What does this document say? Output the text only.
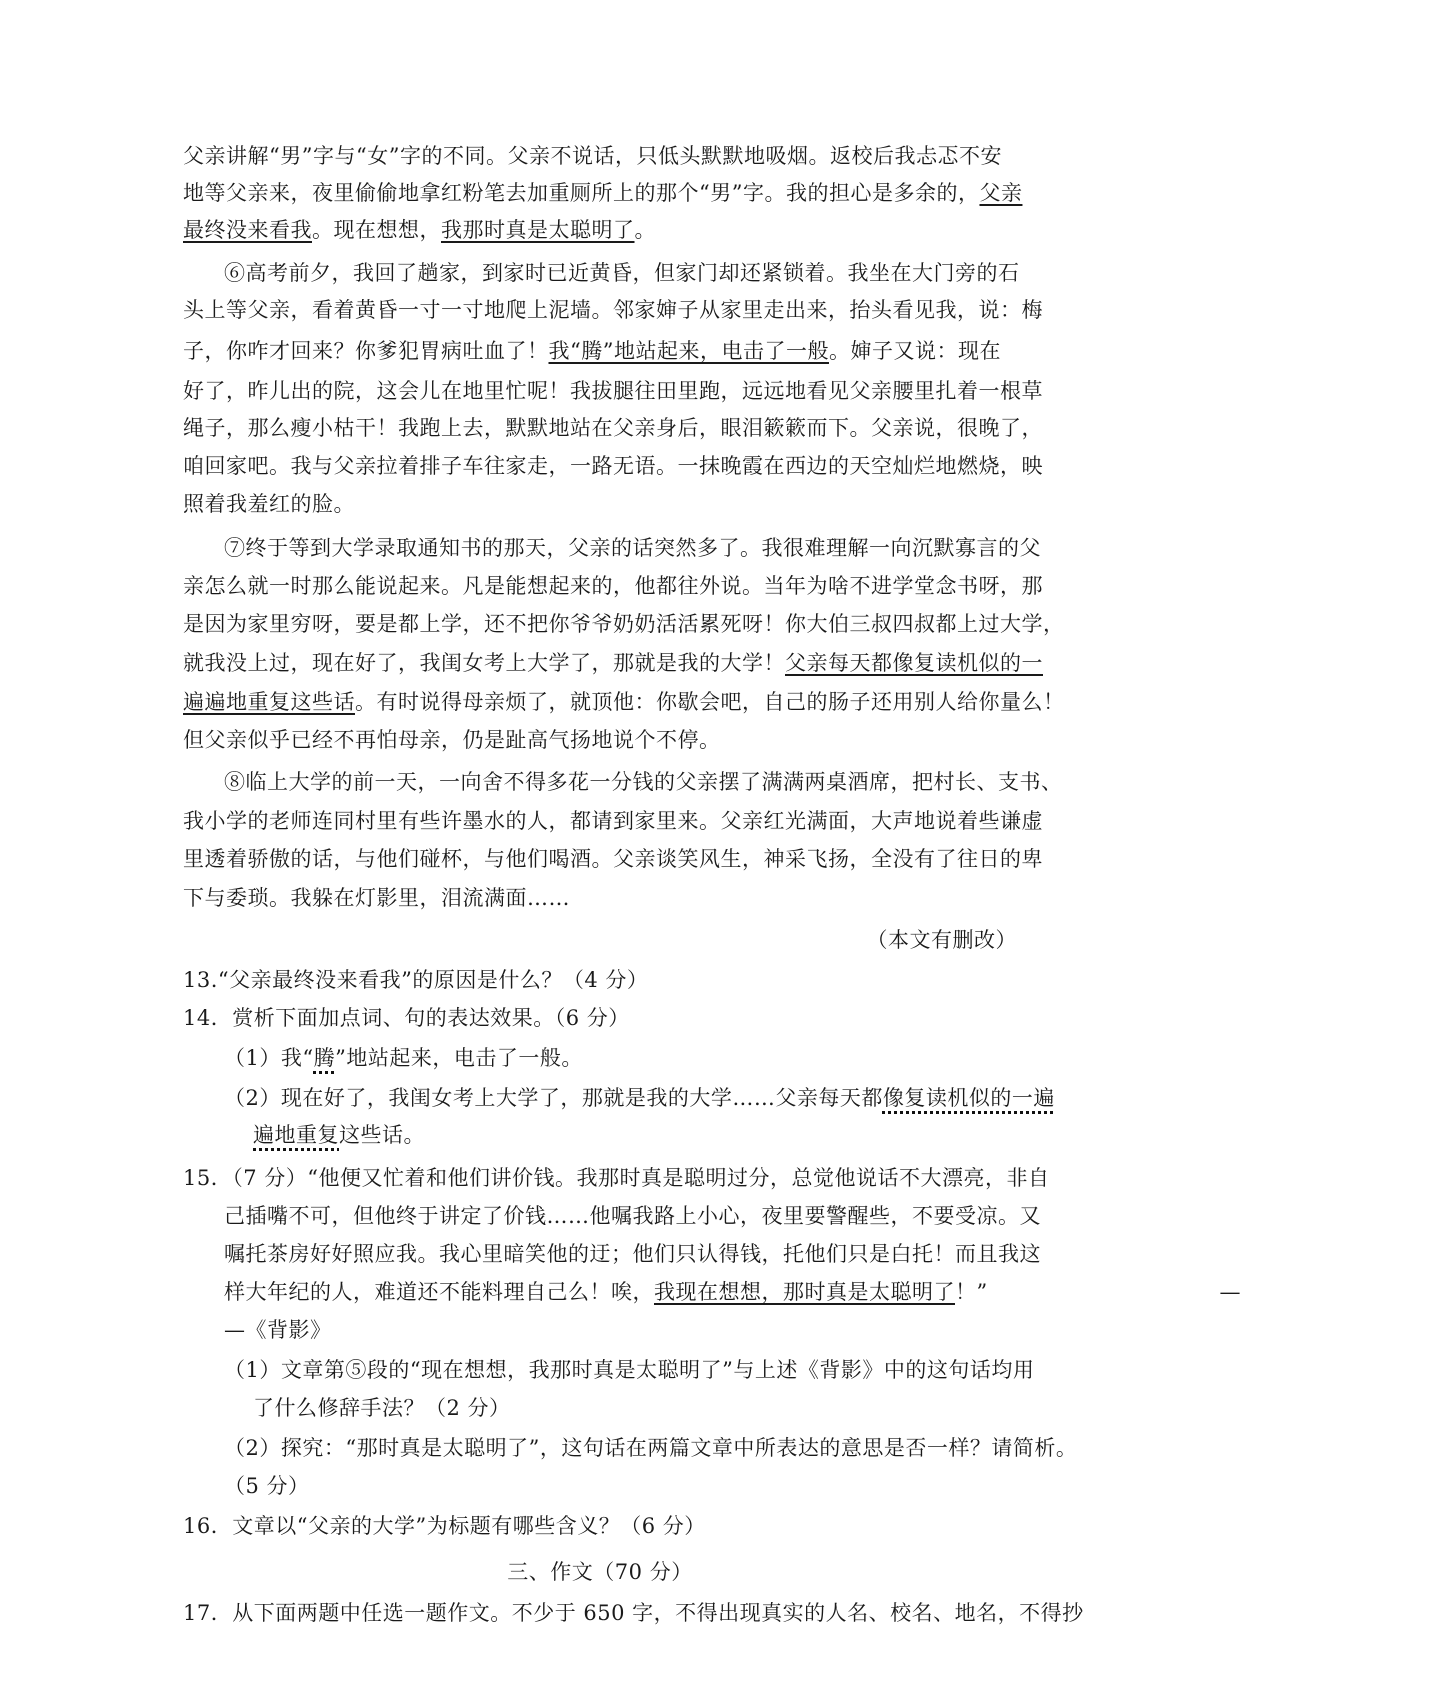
父亲讲解“男”字与“女”字的不同。父亲不说话，只低头默默地吸烟。返校后我忐忑不安
地等父亲来，夜里偷偷地拿红粉笔去加重厕所上的那个“男”字。我的担心是多余的，父亲
最终没来看我。现在想想，我那时真是太聪明了。
⑥高考前夕，我回了趟家，到家时已近黄昏，但家门却还紧锁着。我坐在大门旁的石
头上等父亲，看着黄昏一寸一寸地爬上泥墙。邻家婶子从家里走出来，抬头看见我，说：梅
子，你咋才回来？你爹犯胃病吐血了！我“腾”地站起来，电击了一般。婶子又说：现在
好了，昨儿出的院，这会儿在地里忙呢！我拔腿往田里跑，远远地看见父亲腰里扎着一根草
绳子，那么瘦小枯干！我跑上去，默默地站在父亲身后，眼泪簌簌而下。父亲说，很晚了，
咱回家吧。我与父亲拉着排子车往家走，一路无语。一抹晚霞在西边的天空灿烂地燃烧，映
照着我羞红的脸。
⑦终于等到大学录取通知书的那天，父亲的话突然多了。我很难理解一向沉默寡言的父
亲怎么就一时那么能说起来。凡是能想起来的，他都往外说。当年为啥不进学堂念书呀，那
是因为家里穷呀，要是都上学，还不把你爷爷奶奶活活累死呀！你大伯三叔四叔都上过大学，
就我没上过，现在好了，我闺女考上大学了，那就是我的大学！父亲每天都像复读机似的一
遍遍地重复这些话。有时说得母亲烦了，就顶他：你歇会吧，自己的肠子还用别人给你量么！
但父亲似乎已经不再怕母亲，仍是趾高气扬地说个不停。
⑧临上大学的前一天，一向舍不得多花一分钱的父亲摆了满满两桌酒席，把村长、支书、
我小学的老师连同村里有些许墨水的人，都请到家里来。父亲红光满面，大声地说着些谦虚
里透着骄傲的话，与他们碰杯，与他们喝酒。父亲谈笑风生，神采飞扬，全没有了往日的卑
下与委琐。我躲在灯影里，泪流满面……
（本文有删改）
13.“父亲最终没来看我”的原因是什么？（4 分）
14．赏析下面加点词、句的表达效果。（6 分）
（1）我“腾”地站起来，电击了一般。
（2）现在好了，我闺女考上大学了，那就是我的大学……父亲每天都像复读机似的一遍
遍地重复这些话。
15．（7 分）“他便又忙着和他们讲价钱。我那时真是聪明过分，总觉他说话不大漂亮，非自
己插嘴不可，但他终于讲定了价钱……他嘱我路上小心，夜里要警醒些，不要受凉。又
嘱托茶房好好照应我。我心里暗笑他的迂；他们只认得钱，托他们只是白托！而且我这
样大年纪的人，难道还不能料理自己么！唉，我现在想想，那时真是太聪明了！”	—
—《背影》
（1）文章第⑤段的“现在想想，我那时真是太聪明了”与上述《背影》中的这句话均用
了什么修辞手法？（2 分）
（2）探究：“那时真是太聪明了”，这句话在两篇文章中所表达的意思是否一样？请简析。
（5 分）
16．文章以“父亲的大学”为标题有哪些含义？（6 分）
三、作文（70 分）
17．从下面两题中任选一题作文。不少于 650 字，不得出现真实的人名、校名、地名，不得抄
